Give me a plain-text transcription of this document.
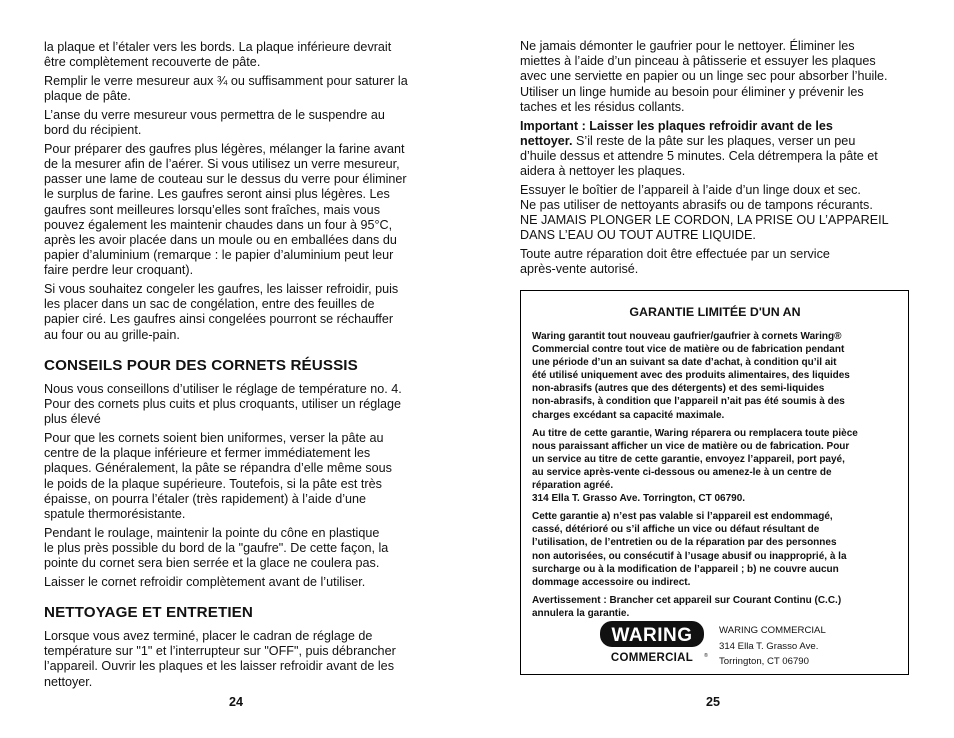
la plaque et l’étaler vers les bords. La plaque inférieure devrait
être complètement recouverte de pâte.

Remplir le verre mesureur aux ¾ ou suffisamment pour saturer la
plaque de pâte.

L’anse du verre mesureur vous permettra de le suspendre au
bord du récipient.

Pour préparer des gaufres plus légères, mélanger la farine avant
de la mesurer afin de l’aérer. Si vous utilisez un verre mesureur,
passer une lame de couteau sur le dessus du verre pour éliminer
le surplus de farine. Les gaufres seront ainsi plus légères. Les
gaufres sont meilleures lorsqu’elles sont fraîches, mais vous
pouvez également les maintenir chaudes dans un four à 95°C,
après les avoir placée dans un moule ou en emballées dans du
papier d’aluminium (remarque : le papier d’aluminium peut leur
faire perdre leur croquant).

Si vous souhaitez congeler les gaufres, les laisser refroidir, puis
les placer dans un sac de congélation, entre des feuilles de
papier ciré. Les gaufres ainsi congelées pourront se réchauffer
au four ou au grille-pain.

CONSEILS POUR DES CORNETS RÉUSSIS

Nous vous conseillons d’utiliser le réglage de température no. 4.
Pour des cornets plus cuits et plus croquants, utiliser un réglage
plus élevé

Pour que les cornets soient bien uniformes, verser la pâte au
centre de la plaque inférieure et fermer immédiatement les
plaques. Généralement, la pâte se répandra d’elle même sous
le poids de la plaque supérieure. Toutefois, si la pâte est très
épaisse, on pourra l’étaler (très rapidement) à l’aide d’une
spatule thermorésistante.

Pendant le roulage, maintenir la pointe du cône en plastique
le plus près possible du bord de la "gaufre". De cette façon, la
pointe du cornet sera bien serrée et la glace ne coulera pas.

Laisser le cornet refroidir complètement avant de l’utiliser.

NETTOYAGE ET ENTRETIEN

Lorsque vous avez terminé, placer le cadran de réglage de
température sur "1" et l’interrupteur sur "OFF", puis débrancher
l’appareil. Ouvrir les plaques et les laisser refroidir avant de les
nettoyer.

24

Ne jamais démonter le gaufrier pour le nettoyer. Éliminer les
miettes à l’aide d’un pinceau à pâtisserie et essuyer les plaques
avec une serviette en papier ou un linge sec pour absorber l’huile.
Utiliser un linge humide au besoin pour éliminer y prévenir les
taches et les résidus collants.

Important : Laisser les plaques refroidir avant de les
nettoyer. S’il reste de la pâte sur les plaques, verser un peu
d’huile dessus et attendre 5 minutes. Cela détrempera la pâte et
aidera à nettoyer les plaques.

Essuyer le boîtier de l’appareil à l’aide d’un linge doux et sec.
Ne pas utiliser de nettoyants abrasifs ou de tampons récurants.
NE JAMAIS PLONGER LE CORDON, LA PRISE OU L’APPAREIL
DANS L’EAU OU TOUT AUTRE LIQUIDE.

Toute autre réparation doit être effectuée par un service
après-vente autorisé.

GARANTIE LIMITÉE D'UN AN

Waring garantit tout nouveau gaufrier/gaufrier à cornets Waring®
Commercial contre tout vice de matière ou de fabrication pendant
une période d’un an suivant sa date d’achat, à condition qu’il ait
été utilisé uniquement avec des produits alimentaires, des liquides
non-abrasifs (autres que des détergents) et des semi-liquides
non-abrasifs, à condition que l’appareil n’ait pas été soumis à des
charges excédant sa capacité maximale.

Au titre de cette garantie, Waring réparera ou remplacera toute pièce
nous paraissant afficher un vice de matière ou de fabrication. Pour
un service au titre de cette garantie, envoyez l’appareil, port payé,
au service après-vente ci-dessous ou amenez-le à un centre de
réparation agréé.
314 Ella T. Grasso Ave. Torrington, CT 06790.

Cette garantie a) n’est pas valable si l’appareil est endommagé,
cassé, détérioré ou s’il affiche un vice ou défaut résultant de
l’utilisation, de l’entretien ou de la réparation par des personnes
non autorisées, ou consécutif à l’usage abusif ou inapproprié, à la
surcharge ou à la modification de l’appareil ; b) ne couvre aucun
dommage accessoire ou indirect.

Avertissement : Brancher cet appareil sur Courant Continu (C.C.)
annulera la garantie.

WARING
COMMERCIAL ®
WARING COMMERCIAL
314 Ella T. Grasso Ave.
Torrington, CT 06790
25
